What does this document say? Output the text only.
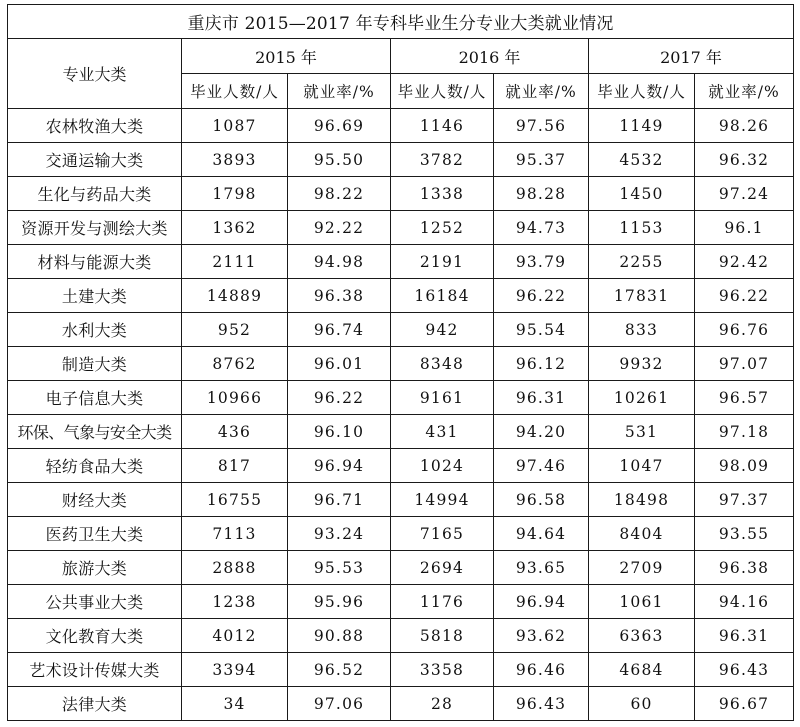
重庆市 2015—2017 年专科毕业生分专业大类就业情况						
专业大类	2015 年		2016 年		2017 年	
	毕业人数/人	就业率/%	毕业人数/人	就业率/%	毕业人数/人	就业率/%
农林牧渔大类	1087	96.69	1146	97.56	1149	98.26
交通运输大类	3893	95.50	3782	95.37	4532	96.32
生化与药品大类	1798	98.22	1338	98.28	1450	97.24
资源开发与测绘大类	1362	92.22	1252	94.73	1153	96.1
材料与能源大类	2111	94.98	2191	93.79	2255	92.42
土建大类	14889	96.38	16184	96.22	17831	96.22
水利大类	952	96.74	942	95.54	833	96.76
制造大类	8762	96.01	8348	96.12	9932	97.07
电子信息大类	10966	96.22	9161	96.31	10261	96.57
环保、气象与安全大类	436	96.10	431	94.20	531	97.18
轻纺食品大类	817	96.94	1024	97.46	1047	98.09
财经大类	16755	96.71	14994	96.58	18498	97.37
医药卫生大类	7113	93.24	7165	94.64	8404	93.55
旅游大类	2888	95.53	2694	93.65	2709	96.38
公共事业大类	1238	95.96	1176	96.94	1061	94.16
文化教育大类	4012	90.88	5818	93.62	6363	96.31
艺术设计传媒大类	3394	96.52	3358	96.46	4684	96.43
法律大类	34	97.06	28	96.43	60	96.67
